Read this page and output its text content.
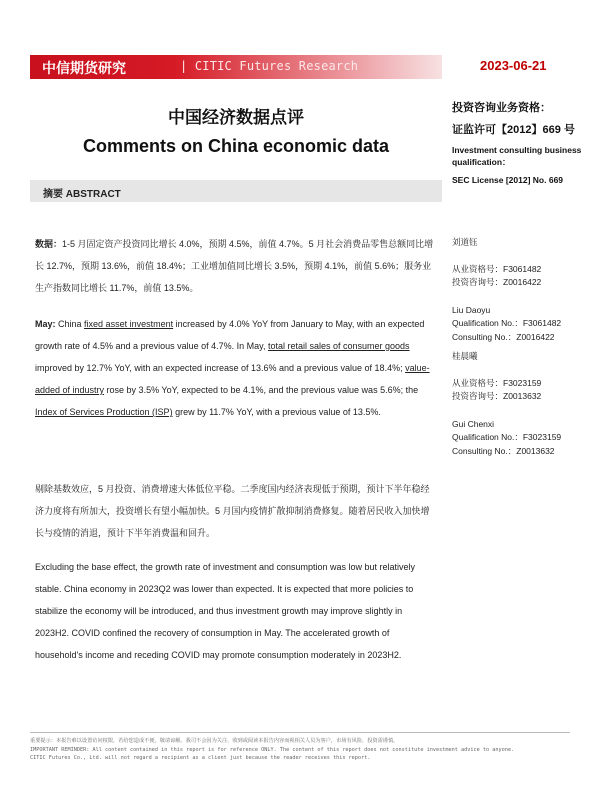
中信期货研究	| CITIC Futures Research	2023-06-21
中国经济数据点评
Comments on China economic data
摘要 ABSTRACT
数据：1-5 月固定资产投资同比增长 4.0%，预期 4.5%，前值 4.7%。5 月社会消费品零售总额同比增长 12.7%，预期 13.6%，前值 18.4%；工业增加值同比增长 3.5%，预期 4.1%，前值 5.6%；服务业生产指数同比增长 11.7%，前值 13.5%。
May: China fixed asset investment increased by 4.0% YoY from January to May, with an expected growth rate of 4.5% and a previous value of 4.7%. In May, total retail sales of consumer goods improved by 12.7% YoY, with an expected increase of 13.6% and a previous value of 18.4%; value-added of industry rose by 3.5% YoY, expected to be 4.1%, and the previous value was 5.6%; the Index of Services Production (ISP) grew by 11.7% YoY, with a previous value of 13.5%.
剔除基数效应，5 月投资、消费增速大体低位平稳。二季度国内经济表现低于预期，预计下半年稳经济力度将有所加大，投资增长有望小幅加快。5 月国内疫情扩散抑制消费修复。随着居民收入加快增长与疫情的消退，预计下半年消费温和回升。
Excluding the base effect, the growth rate of investment and consumption was low but relatively stable. China economy in 2023Q2 was lower than expected. It is expected that more policies to stabilize the economy will be introduced, and thus investment growth may improve slightly in 2023H2. COVID confined the recovery of consumption in May. The accelerated growth of household's income and receding COVID may promote consumption moderately in 2023H2.
投资咨询业务资格：
证监许可【2012】669 号
Investment consulting business qualification：
SEC License [2012] No. 669
刘道钰
从业资格号：F3061482
投资咨询号：Z0016422
Liu Daoyu
Qualification No.：F3061482
Consulting No.：Z0016422
桂晨曦
从业资格号：F3023159
投资咨询号：Z0013632
Gui Chenxi
Qualification No.：F3023159
Consulting No.：Z0013632
重要提示：本报告难以设置访问权限，若给您造成不便，敬请谅解。我司不会因为关注、收到或阅读本报告内容而视相关人员为客户，市场有风险，投资需谨慎。
IMPORTANT REMINDER: All content contained in this report is for reference ONLY. The content of this report does not constitute investment advice to anyone.
CITIC Futures Co., Ltd. will not regard a recipient as a client just because the reader receives this report.
